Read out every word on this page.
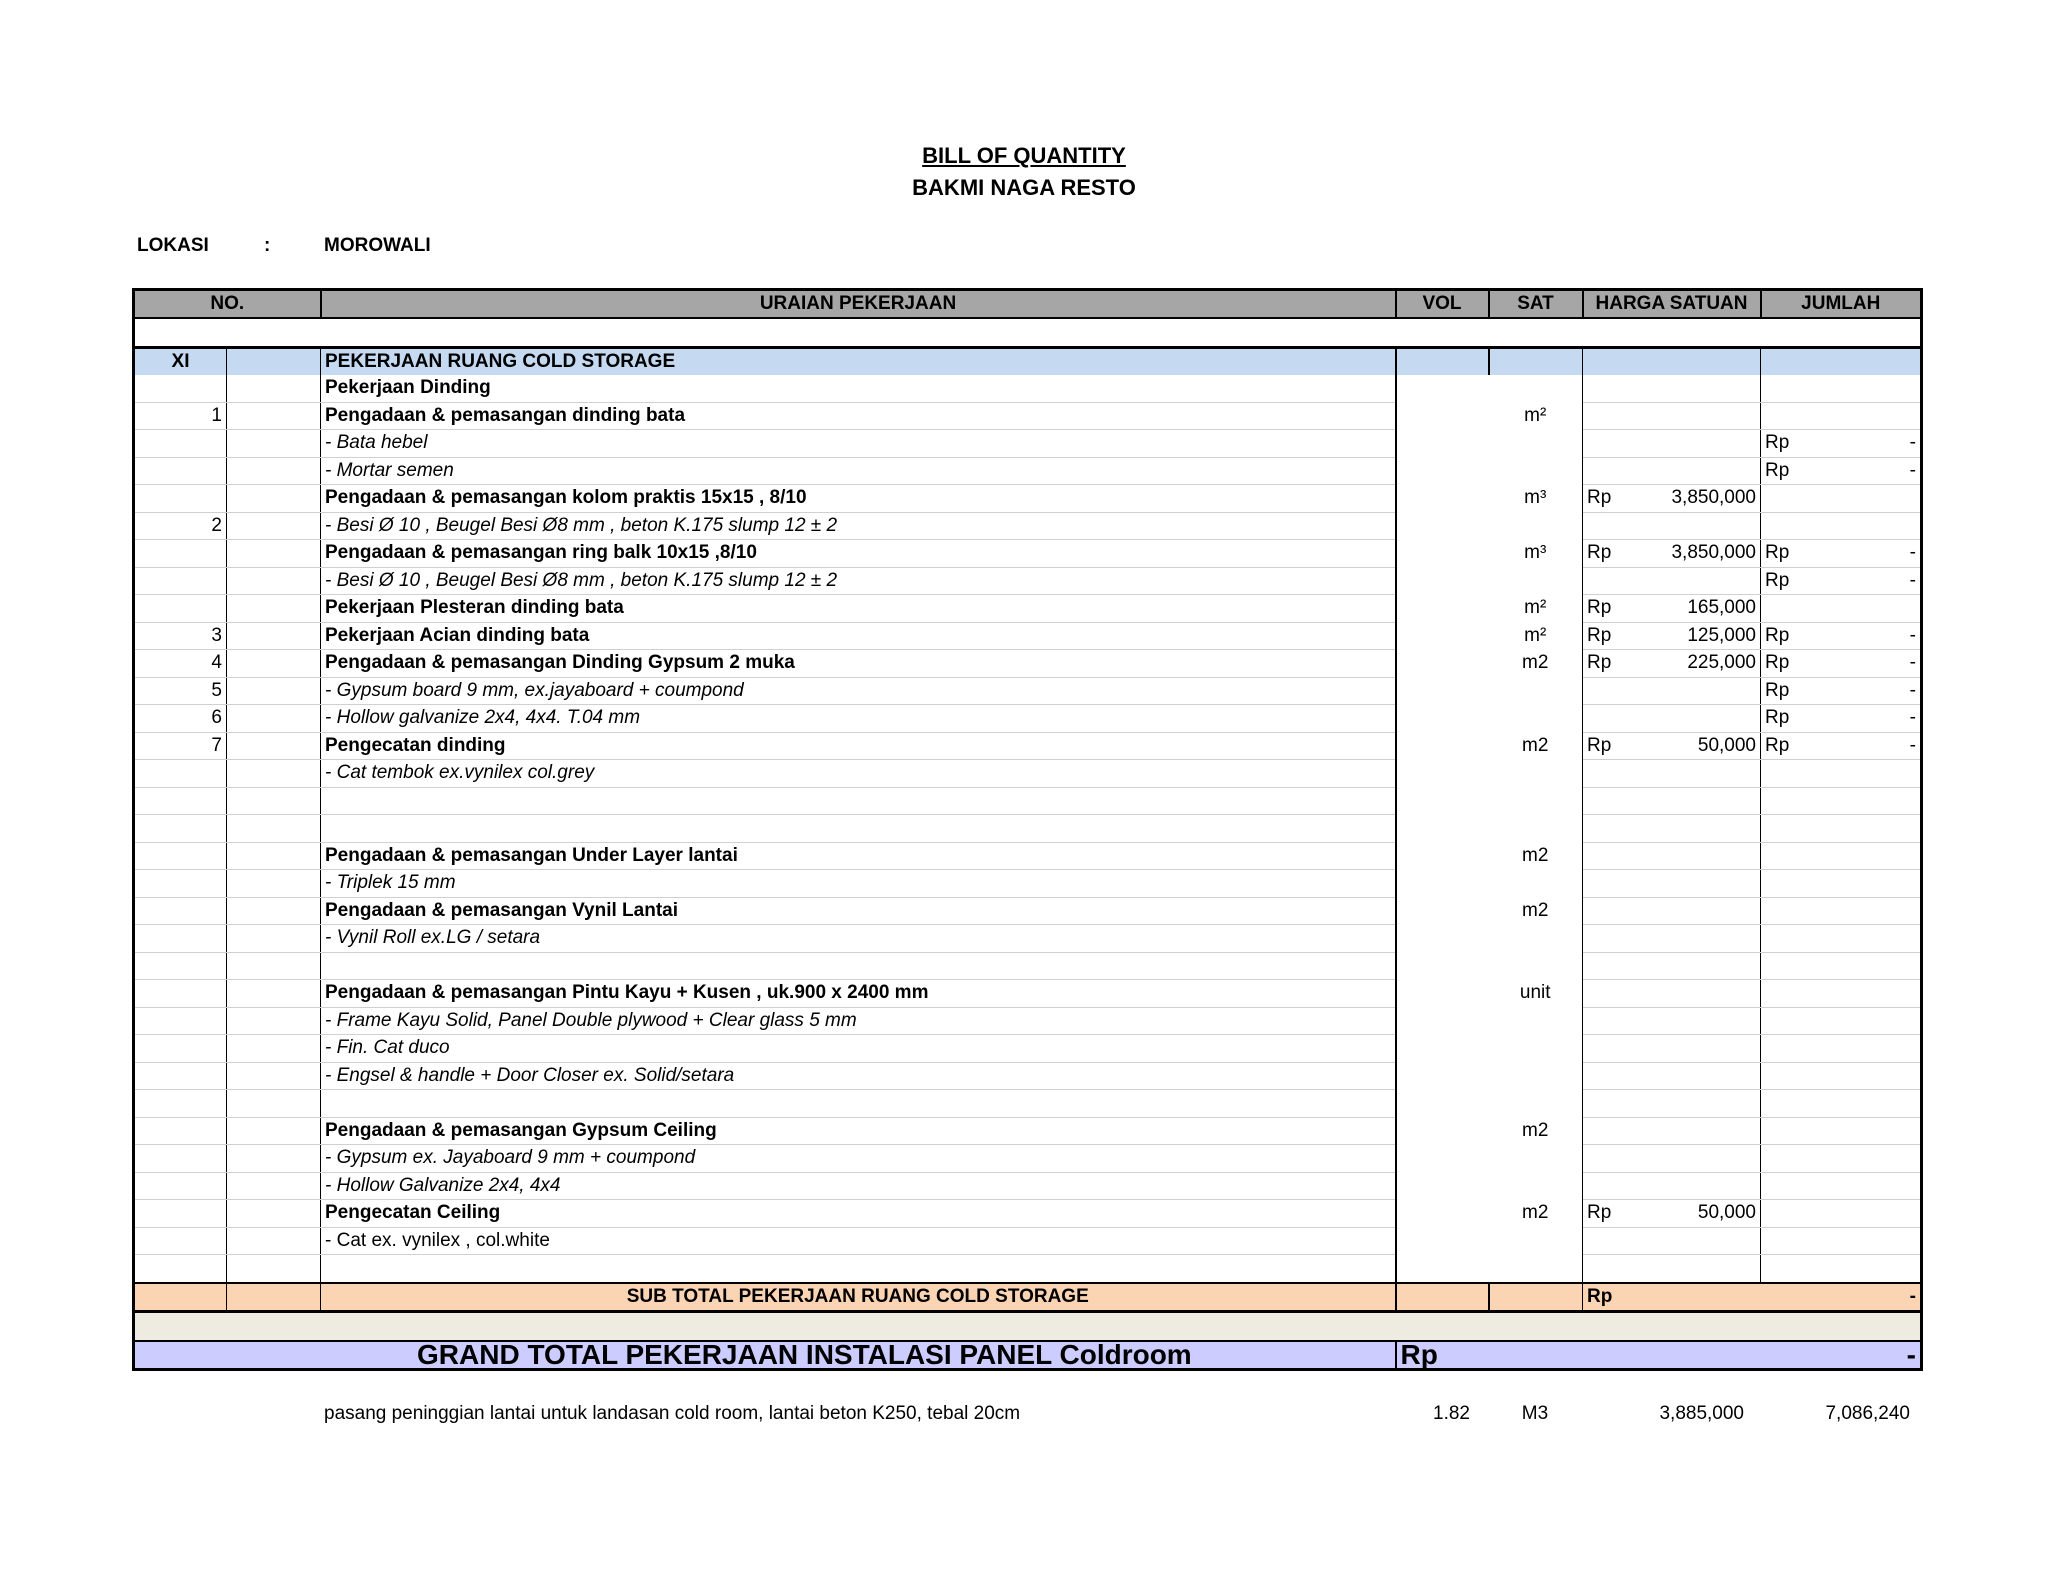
BILL OF QUANTITY
BAKMI NAGA RESTO
LOKASI	:	MOROWALI
NO.		URAIAN PEKERJAAN	VOL	SAT	HARGA SATUAN	JUMLAH

XI		PEKERJAAN RUANG COLD STORAGE				
		Pekerjaan Dinding			

1		Pengadaan & pemasangan dinding bata		m²	

		- Bata hebel				Rp -

		- Mortar semen				Rp -

		Pengadaan & pemasangan kolom praktis 15x15 , 8/10		m³	Rp 3,850,000	

2		- Besi Ø 10 , Beugel Besi Ø8 mm , beton K.175 slump 12 ± 2			

		Pengadaan & pemasangan ring balk 10x15 ,8/10		m³	Rp 3,850,000	Rp -

		- Besi Ø 10 , Beugel Besi Ø8 mm , beton K.175 slump 12 ± 2				Rp -

		Pekerjaan Plesteran dinding bata		m²	Rp 165,000	

3		Pekerjaan Acian dinding bata		m²	Rp 125,000	Rp -

4		Pengadaan & pemasangan Dinding Gypsum 2 muka		m2	Rp 225,000	Rp -

5		- Gypsum board 9 mm, ex.jayaboard + coumpond				Rp -

6		- Hollow galvanize 2x4, 4x4. T.04 mm				Rp -

7		Pengecatan dinding		m2	Rp 50,000	Rp -

		- Cat tembok ex.vynilex col.grey			

		Pengadaan & pemasangan Under Layer lantai		m2	

		- Triplek 15 mm			

		Pengadaan & pemasangan Vynil Lantai		m2	

		- Vynil Roll ex.LG / setara			

		Pengadaan & pemasangan Pintu Kayu + Kusen , uk.900 x 2400 mm		unit	

		- Frame Kayu Solid, Panel Double plywood + Clear glass 5 mm			

		- Fin. Cat duco			

		- Engsel & handle + Door Closer ex. Solid/setara			

		Pengadaan & pemasangan Gypsum Ceiling		m2	

		- Gypsum ex. Jayaboard 9 mm + coumpond			

		- Hollow Galvanize 2x4, 4x4			

		Pengecatan Ceiling		m2	Rp 50,000	

		- Cat ex. vynilex , col.white			

		SUB TOTAL PEKERJAAN RUANG COLD STORAGE			Rp -	

GRAND TOTAL PEKERJAAN INSTALASI PANEL Coldroom			Rp -			
pasang peninggian lantai untuk landasan cold room, lantai beton K250, tebal 20cm	1.82	M3	3,885,000	7,086,240
